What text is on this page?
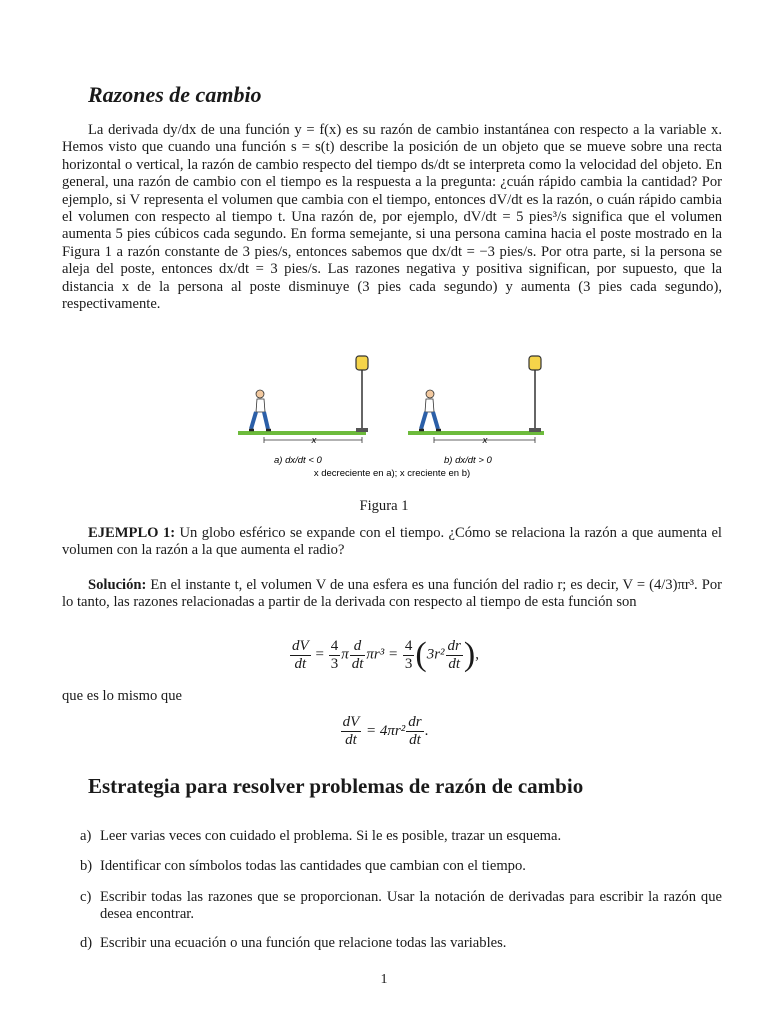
Razones de cambio

La derivada dy/dx de una función y = f(x) es su razón de cambio instantánea con respecto a la variable x. Hemos visto que cuando una función s = s(t) describe la posición de un objeto que se mueve sobre una recta horizontal o vertical, la razón de cambio respecto del tiempo ds/dt se interpreta como la velocidad del objeto. En general, una razón de cambio con el tiempo es la respuesta a la pregunta: ¿cuán rápido cambia la cantidad? Por ejemplo, si V representa el volumen que cambia con el tiempo, entonces dV/dt es la razón, o cuán rápido cambia el volumen con respecto al tiempo t. Una razón de, por ejemplo, dV/dt = 5 pies³/s significa que el volumen aumenta 5 pies cúbicos cada segundo. En forma semejante, si una persona camina hacia el poste mostrado en la Figura 1 a razón constante de 3 pies/s, entonces sabemos que dx/dt = −3 pies/s. Por otra parte, si la persona se aleja del poste, entonces dx/dt = 3 pies/s. Las razones negativa y positiva significan, por supuesto, que la distancia x de la persona al poste disminuye (3 pies cada segundo) y aumenta (3 pies cada segundo), respectivamente.

x
a) dx/dt < 0
x
b) dx/dt > 0
x decreciente en a); x creciente en b)
Figura 1

EJEMPLO 1: Un globo esférico se expande con el tiempo. ¿Cómo se relaciona la razón a que aumenta el volumen con la razón a la que aumenta el radio?

Solución: En el instante t, el volumen V de una esfera es una función del radio r; es decir, V = (4/3)πr³. Por lo tanto, las razones relacionadas a partir de la derivada con respecto al tiempo de esta función son

$\frac{dV}{dt} = \frac{4}{3}$ π $\frac{d}{dt} \pi r^3 = \frac{4}{3} (3r^2 \frac{dr}{dt}$ ),

que es lo mismo que

$\frac{dV}{dt} = 4\pi r^2 \frac{dr}{dt}$ .
Estrategia para resolver problemas de razón de cambio
a) Leer varias veces con cuidado el problema. Si le es posible, trazar un esquema.
b) Identificar con símbolos todas las cantidades que cambian con el tiempo.
c) Escribir todas las razones que se proporcionan. Usar la notación de derivadas para escribir la razón que desea encontrar.
d) Escribir una ecuación o una función que relacione todas las variables.
1
